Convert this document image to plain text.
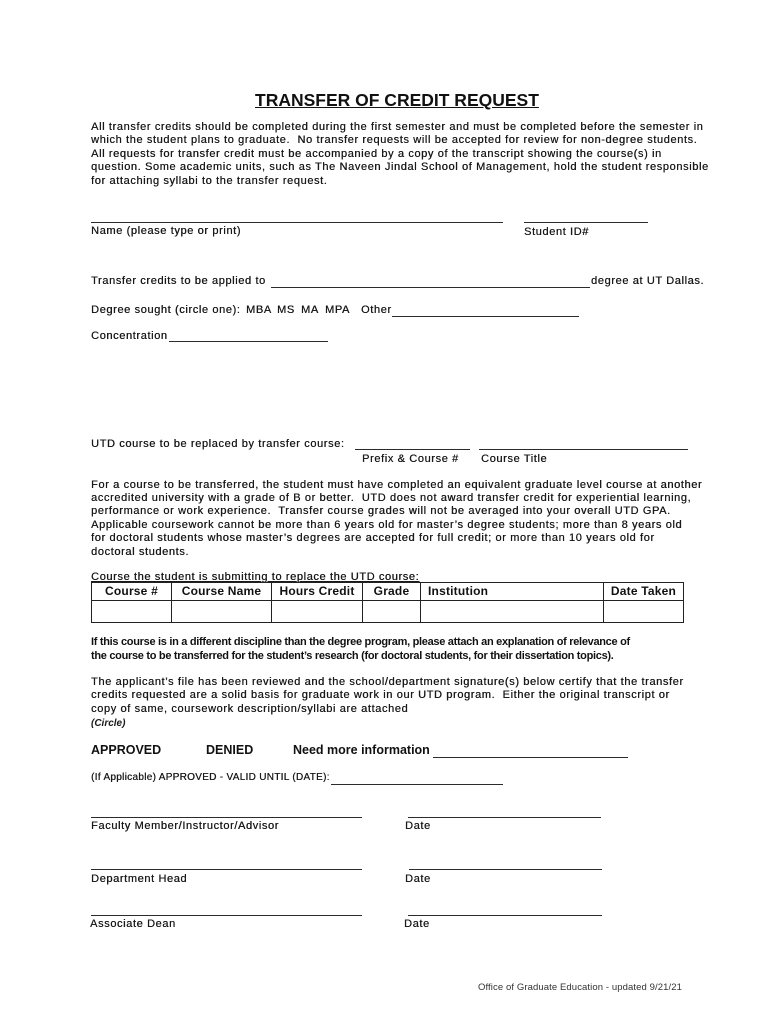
TRANSFER OF CREDIT REQUEST
All transfer credits should be completed during the first semester and must be completed before the semester in
which the student plans to graduate.  No transfer requests will be accepted for review for non-degree students.
All requests for transfer credit must be accompanied by a copy of the transcript showing the course(s) in
question. Some academic units, such as The Naveen Jindal School of Management, hold the student responsible
for attaching syllabi to the transfer request.
Name (please type or print)	Student ID#
Transfer credits to be applied to	degree at UT Dallas.
Degree sought (circle one): MBA MS MA MPA Other
Concentration
UTD course to be replaced by transfer course:
Prefix & Course # Course Title
For a course to be transferred, the student must have completed an equivalent graduate level course at another
accredited university with a grade of B or better.  UTD does not award transfer credit for experiential learning,
performance or work experience.  Transfer course grades will not be averaged into your overall UTD GPA.
Applicable coursework cannot be more than 6 years old for master’s degree students; more than 8 years old
for doctoral students whose master’s degrees are accepted for full credit; or more than 10 years old for
doctoral students.
Course the student is submitting to replace the UTD course:
Course #	Course Name	Hours Credit	Grade	Institution	Date Taken

If this course is in a different discipline than the degree program, please attach an explanation of relevance of
the course to be transferred for the student’s research (for doctoral students, for their dissertation topics).
The applicant’s file has been reviewed and the school/department signature(s) below certify that the transfer
credits requested are a solid basis for graduate work in our UTD program.  Either the original transcript or
copy of same, coursework description/syllabi are attached
(Circle)
APPROVED	DENIED	Need more information
(If Applicable) APPROVED - VALID UNTIL (DATE):
Faculty Member/Instructor/Advisor	Date
Department Head	Date
Associate Dean	Date
Office of Graduate Education - updated 9/21/21
